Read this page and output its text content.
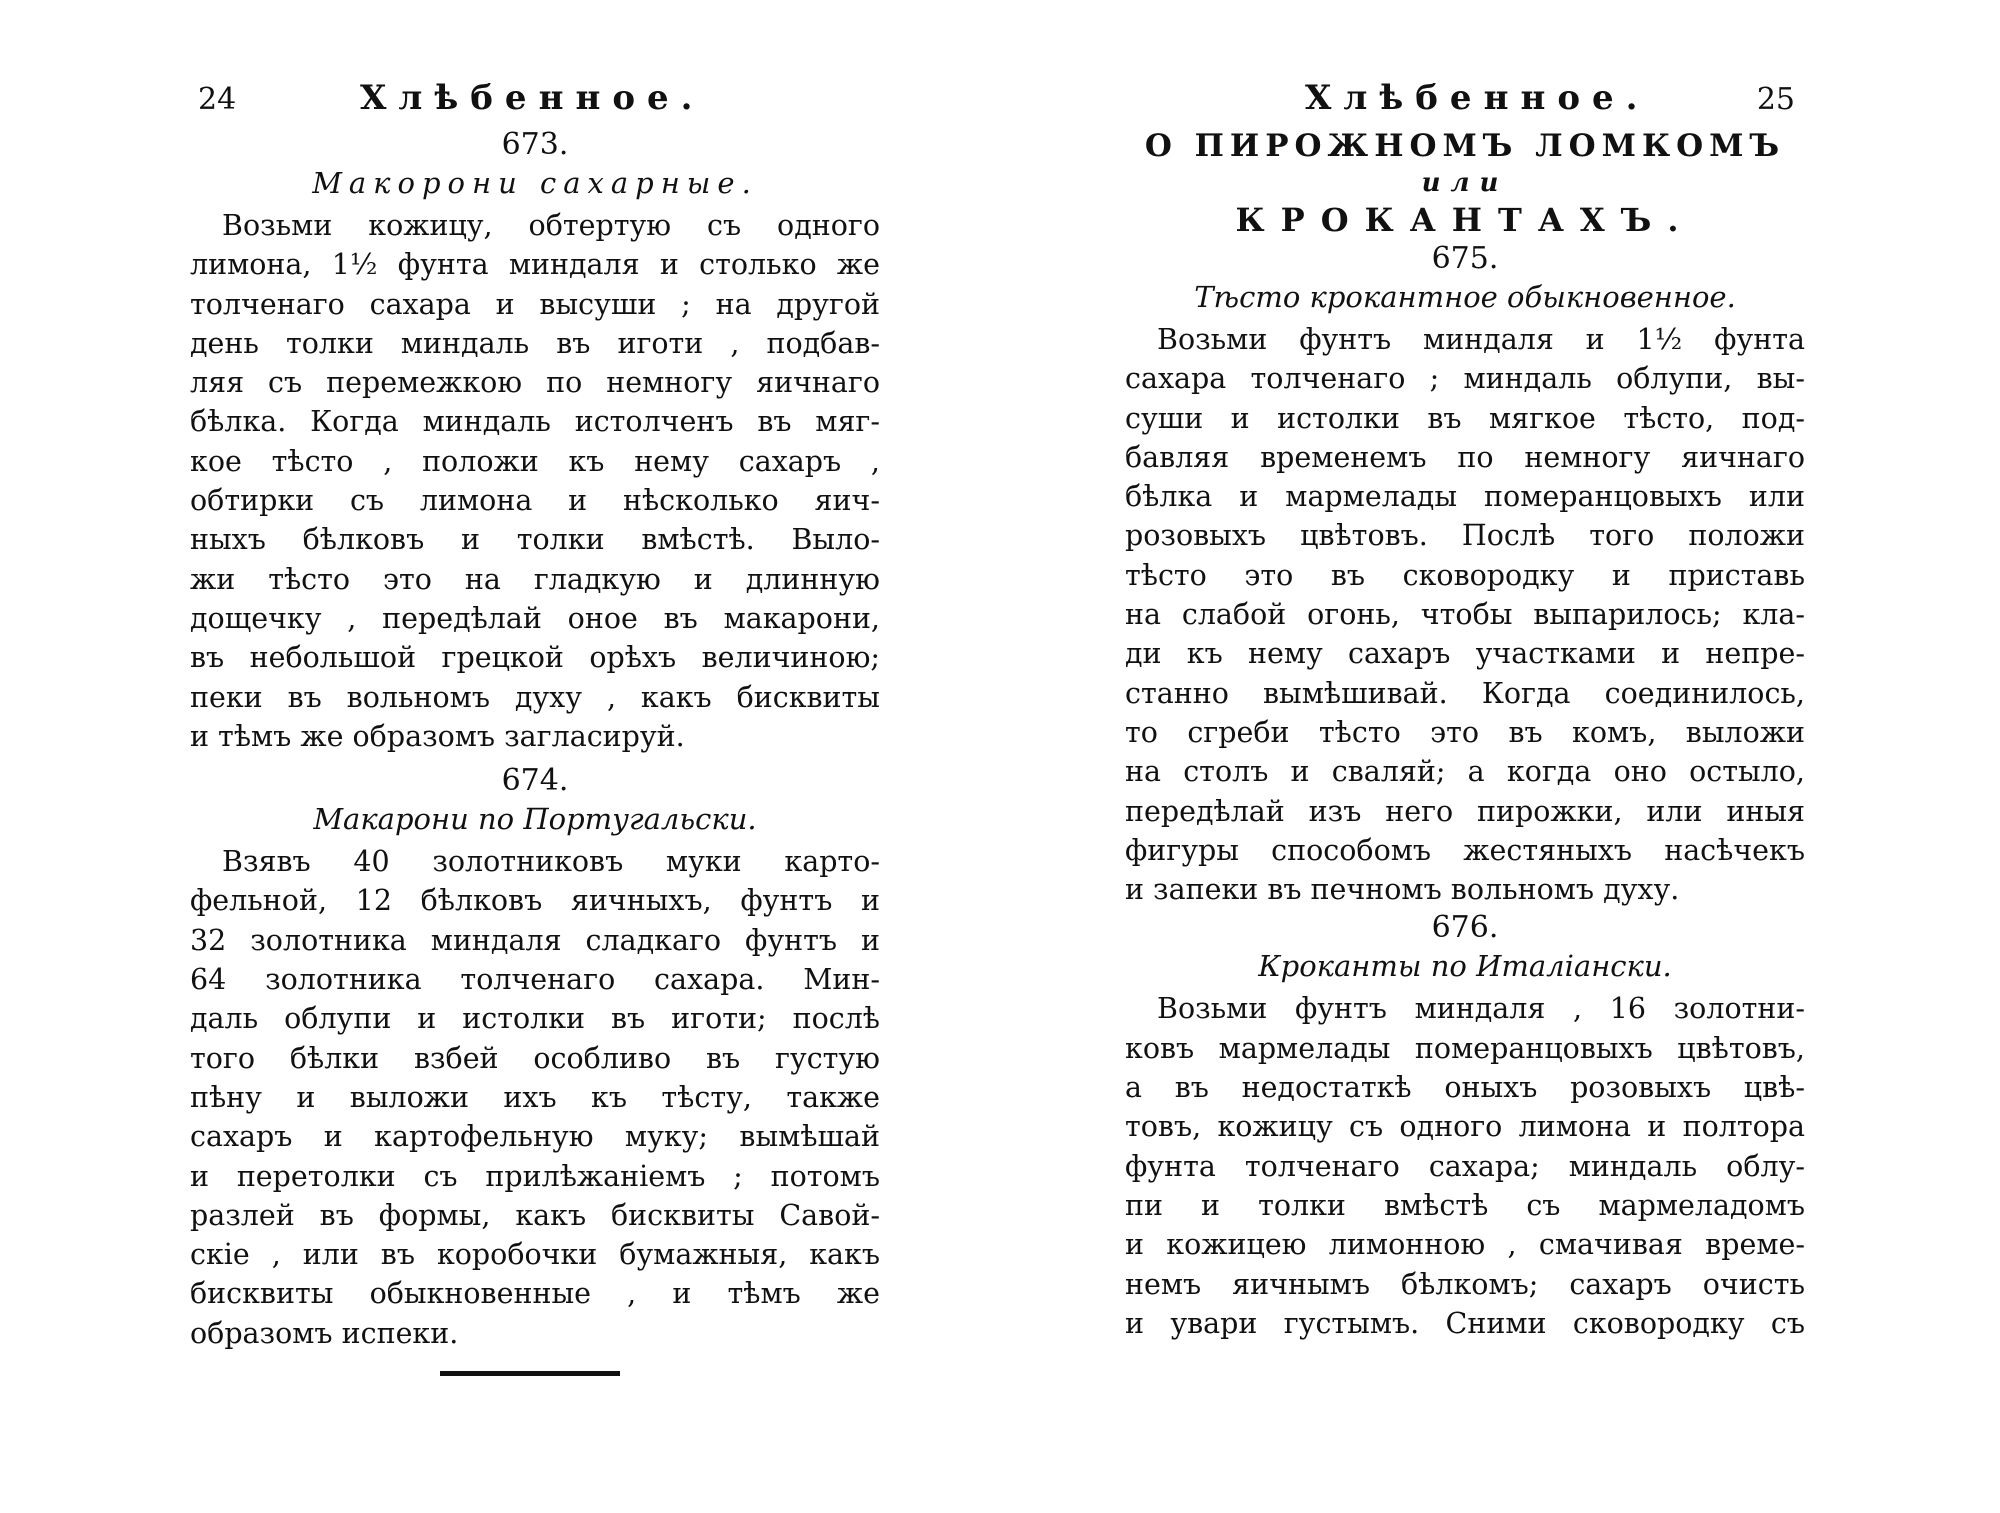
24	Хлѣбенное.

673.

Макорони сахарные.

Возьми кожицу, обтертую съ одного

лимона, 1½ фунта миндаля и столько же

толченаго сахара и высуши ; на другой

день толки миндаль въ иготи , подбав-

ляя съ перемежкою по немногу яичнаго

бѣлка. Когда миндаль истолченъ въ мяг-

кое тѣсто , положи къ нему сахаръ ,

обтирки съ лимона и нѣсколько яич-

ныхъ бѣлковъ и толки вмѣстѣ. Выло-

жи тѣсто это на гладкую и длинную

дощечку , передѣлай оное въ макарони,

въ небольшой грецкой орѣхъ величиною;

пеки въ вольномъ духу , какъ бисквиты

и тѣмъ же образомъ загласируй.

674.

Макарони по Португальски.

Взявъ 40 золотниковъ муки карто-

фельной, 12 бѣлковъ яичныхъ, фунтъ и

32 золотника миндаля сладкаго фунтъ и

64 золотника толченаго сахара. Мин-

даль облупи и истолки въ иготи; послѣ

того бѣлки взбей особливо въ густую

пѣну и выложи ихъ къ тѣсту, также

сахаръ и картофельную муку; вымѣшай

и перетолки съ прилѣжаніемъ ; потомъ

разлей въ формы, какъ бисквиты Савой-

скіе , или въ коробочки бумажныя, какъ

бисквиты обыкновенные , и тѣмъ же

образомъ испеки.

Хлѣбенное.	25

О ПИРОЖНОМЪ ЛОМКОМЪ

или

КРОКАНТАХЪ.

675.

Тѣсто крокантное обыкновенное.

Возьми фунтъ миндаля и 1½ фунта

сахара толченаго ; миндаль облупи, вы-

суши и истолки въ мягкое тѣсто, под-

бавляя временемъ по немногу яичнаго

бѣлка и мармелады померанцовыхъ или

розовыхъ цвѣтовъ. Послѣ того положи

тѣсто это въ сковородку и приставь

на слабой огонь, чтобы выпарилось; кла-

ди къ нему сахаръ участками и непре-

станно вымѣшивай. Когда соединилось,

то сгреби тѣсто это въ комъ, выложи

на столъ и сваляй; а когда оно остыло,

передѣлай изъ него пирожки, или иныя

фигуры способомъ жестяныхъ насѣчекъ

и запеки въ печномъ вольномъ духу.

676.

Кроканты по Италіански.

Возьми фунтъ миндаля , 16 золотни-

ковъ мармелады померанцовыхъ цвѣтовъ,

а въ недостаткѣ оныхъ розовыхъ цвѣ-

товъ, кожицу съ одного лимона и полтора

фунта толченаго сахара; миндаль облу-

пи и толки вмѣстѣ съ мармеладомъ

и кожицею лимонною , смачивая време-

немъ яичнымъ бѣлкомъ; сахаръ очисть

и увари густымъ. Сними сковородку съ
